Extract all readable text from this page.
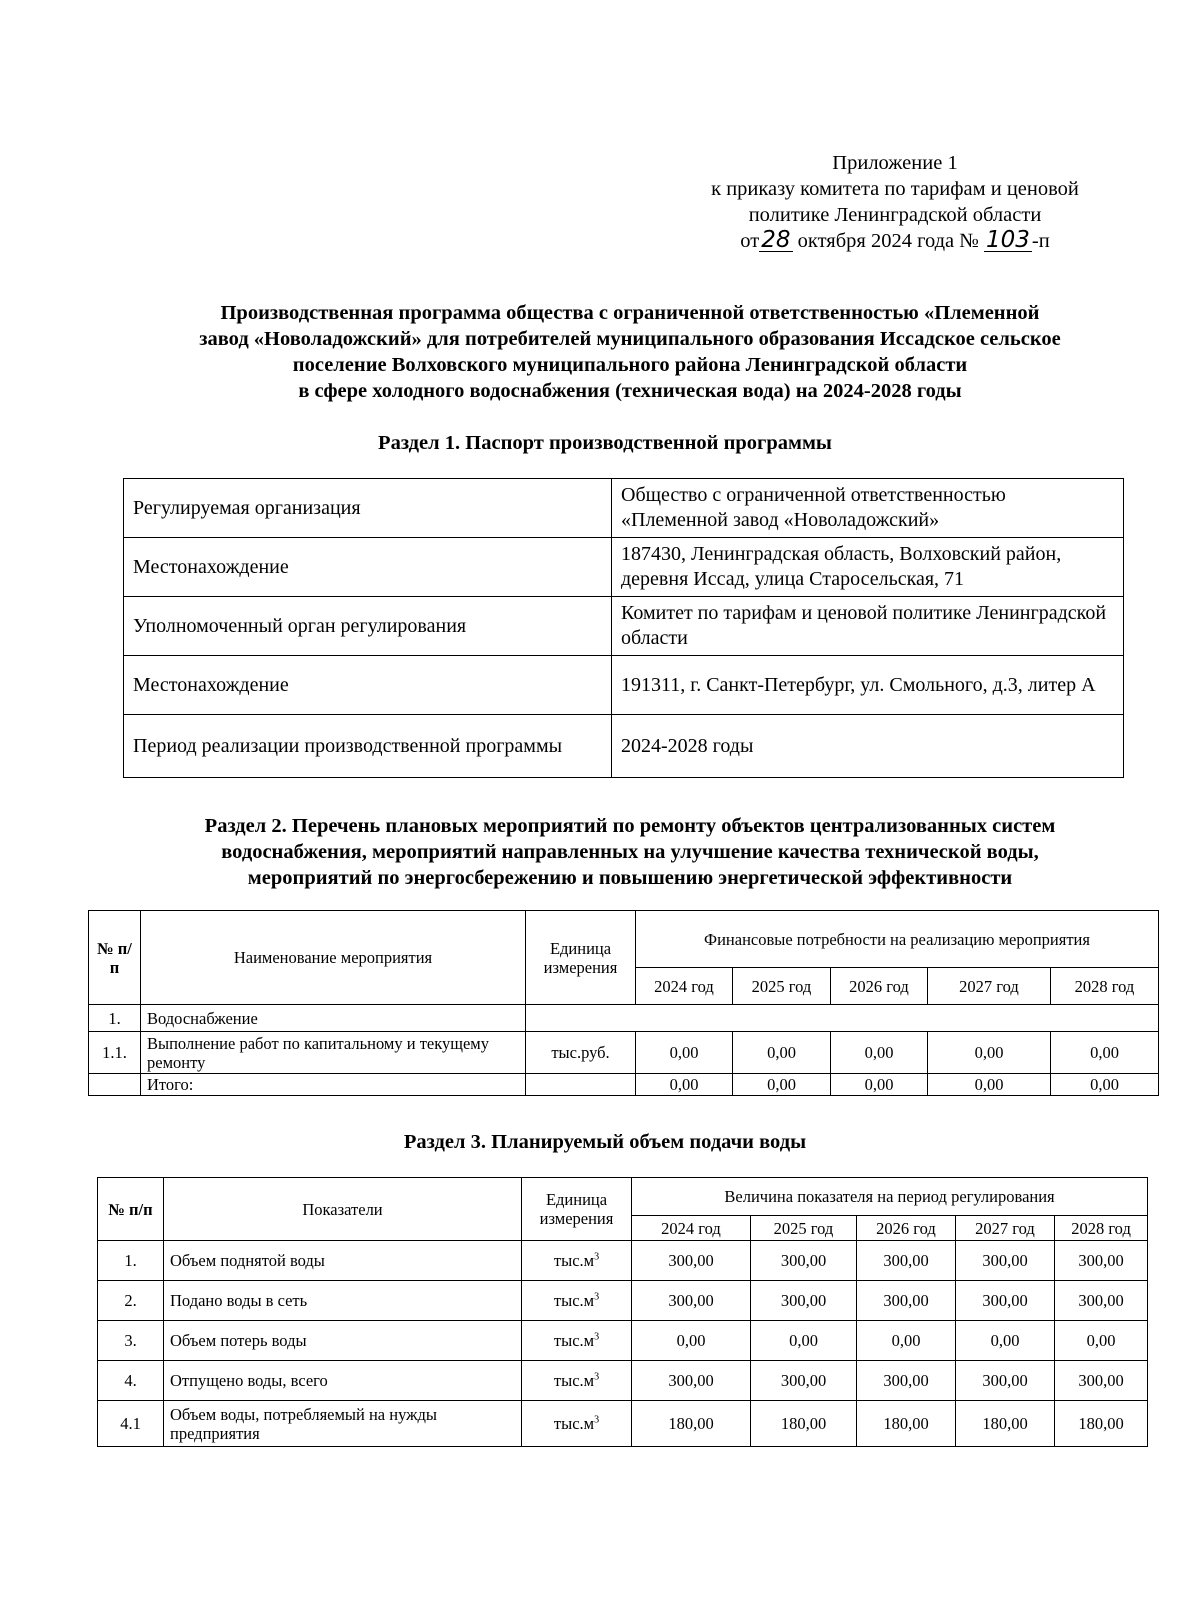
Приложение 1
к приказу комитета по тарифам и ценовой
политике Ленинградской области
от28 октября 2024 года № 103-п
Производственная программа общества с ограниченной ответственностью «Племенной
завод «Новоладожский» для потребителей муниципального образования Иссадское сельское
поселение Волховского муниципального района Ленинградской области
в сфере холодного водоснабжения (техническая вода) на 2024-2028 годы
Раздел 1. Паспорт производственной программы
Регулируемая организация	Общество с ограниченной ответственностью «Племенной завод «Новоладожский»
Местонахождение	187430, Ленинградская область, Волховский район, деревня Иссад, улица Старосельская, 71
Уполномоченный орган регулирования	Комитет по тарифам и ценовой политике Ленинградской области
Местонахождение	191311, г. Санкт-Петербург, ул. Смольного, д.3, литер А
Период реализации производственной программы	2024-2028 годы
Раздел 2. Перечень плановых мероприятий по ремонту объектов централизованных систем
водоснабжения, мероприятий направленных на улучшение качества технической воды,
мероприятий по энергосбережению и повышению энергетической эффективности
№ п/п	Наименование мероприятия	Единица измерения	Финансовые потребности на реализацию мероприятия				
			2024 год	2025 год	2026 год	2027 год	2028 год
1.	Водоснабжение						
1.1.	Выполнение работ по капитальному и текущему ремонту	тыс.руб.	0,00	0,00	0,00	0,00	0,00
	Итого:		0,00	0,00	0,00	0,00	0,00
Раздел 3. Планируемый объем подачи воды
№ п/п	Показатели	Единица измерения	Величина показателя на период регулирования				
			2024 год	2025 год	2026 год	2027 год	2028 год
1.	Объем поднятой воды	$тыс.м^3$	300,00	300,00	300,00	300,00	300,00
2.	Подано воды в сеть	$тыс.м^3$	300,00	300,00	300,00	300,00	300,00
3.	Объем потерь воды	$тыс.м^3$	0,00	0,00	0,00	0,00	0,00
4.	Отпущено воды, всего	$тыс.м^3$	300,00	300,00	300,00	300,00	300,00
4.1	Объем воды, потребляемый на нужды предприятия	$тыс.м^3$	180,00	180,00	180,00	180,00	180,00
